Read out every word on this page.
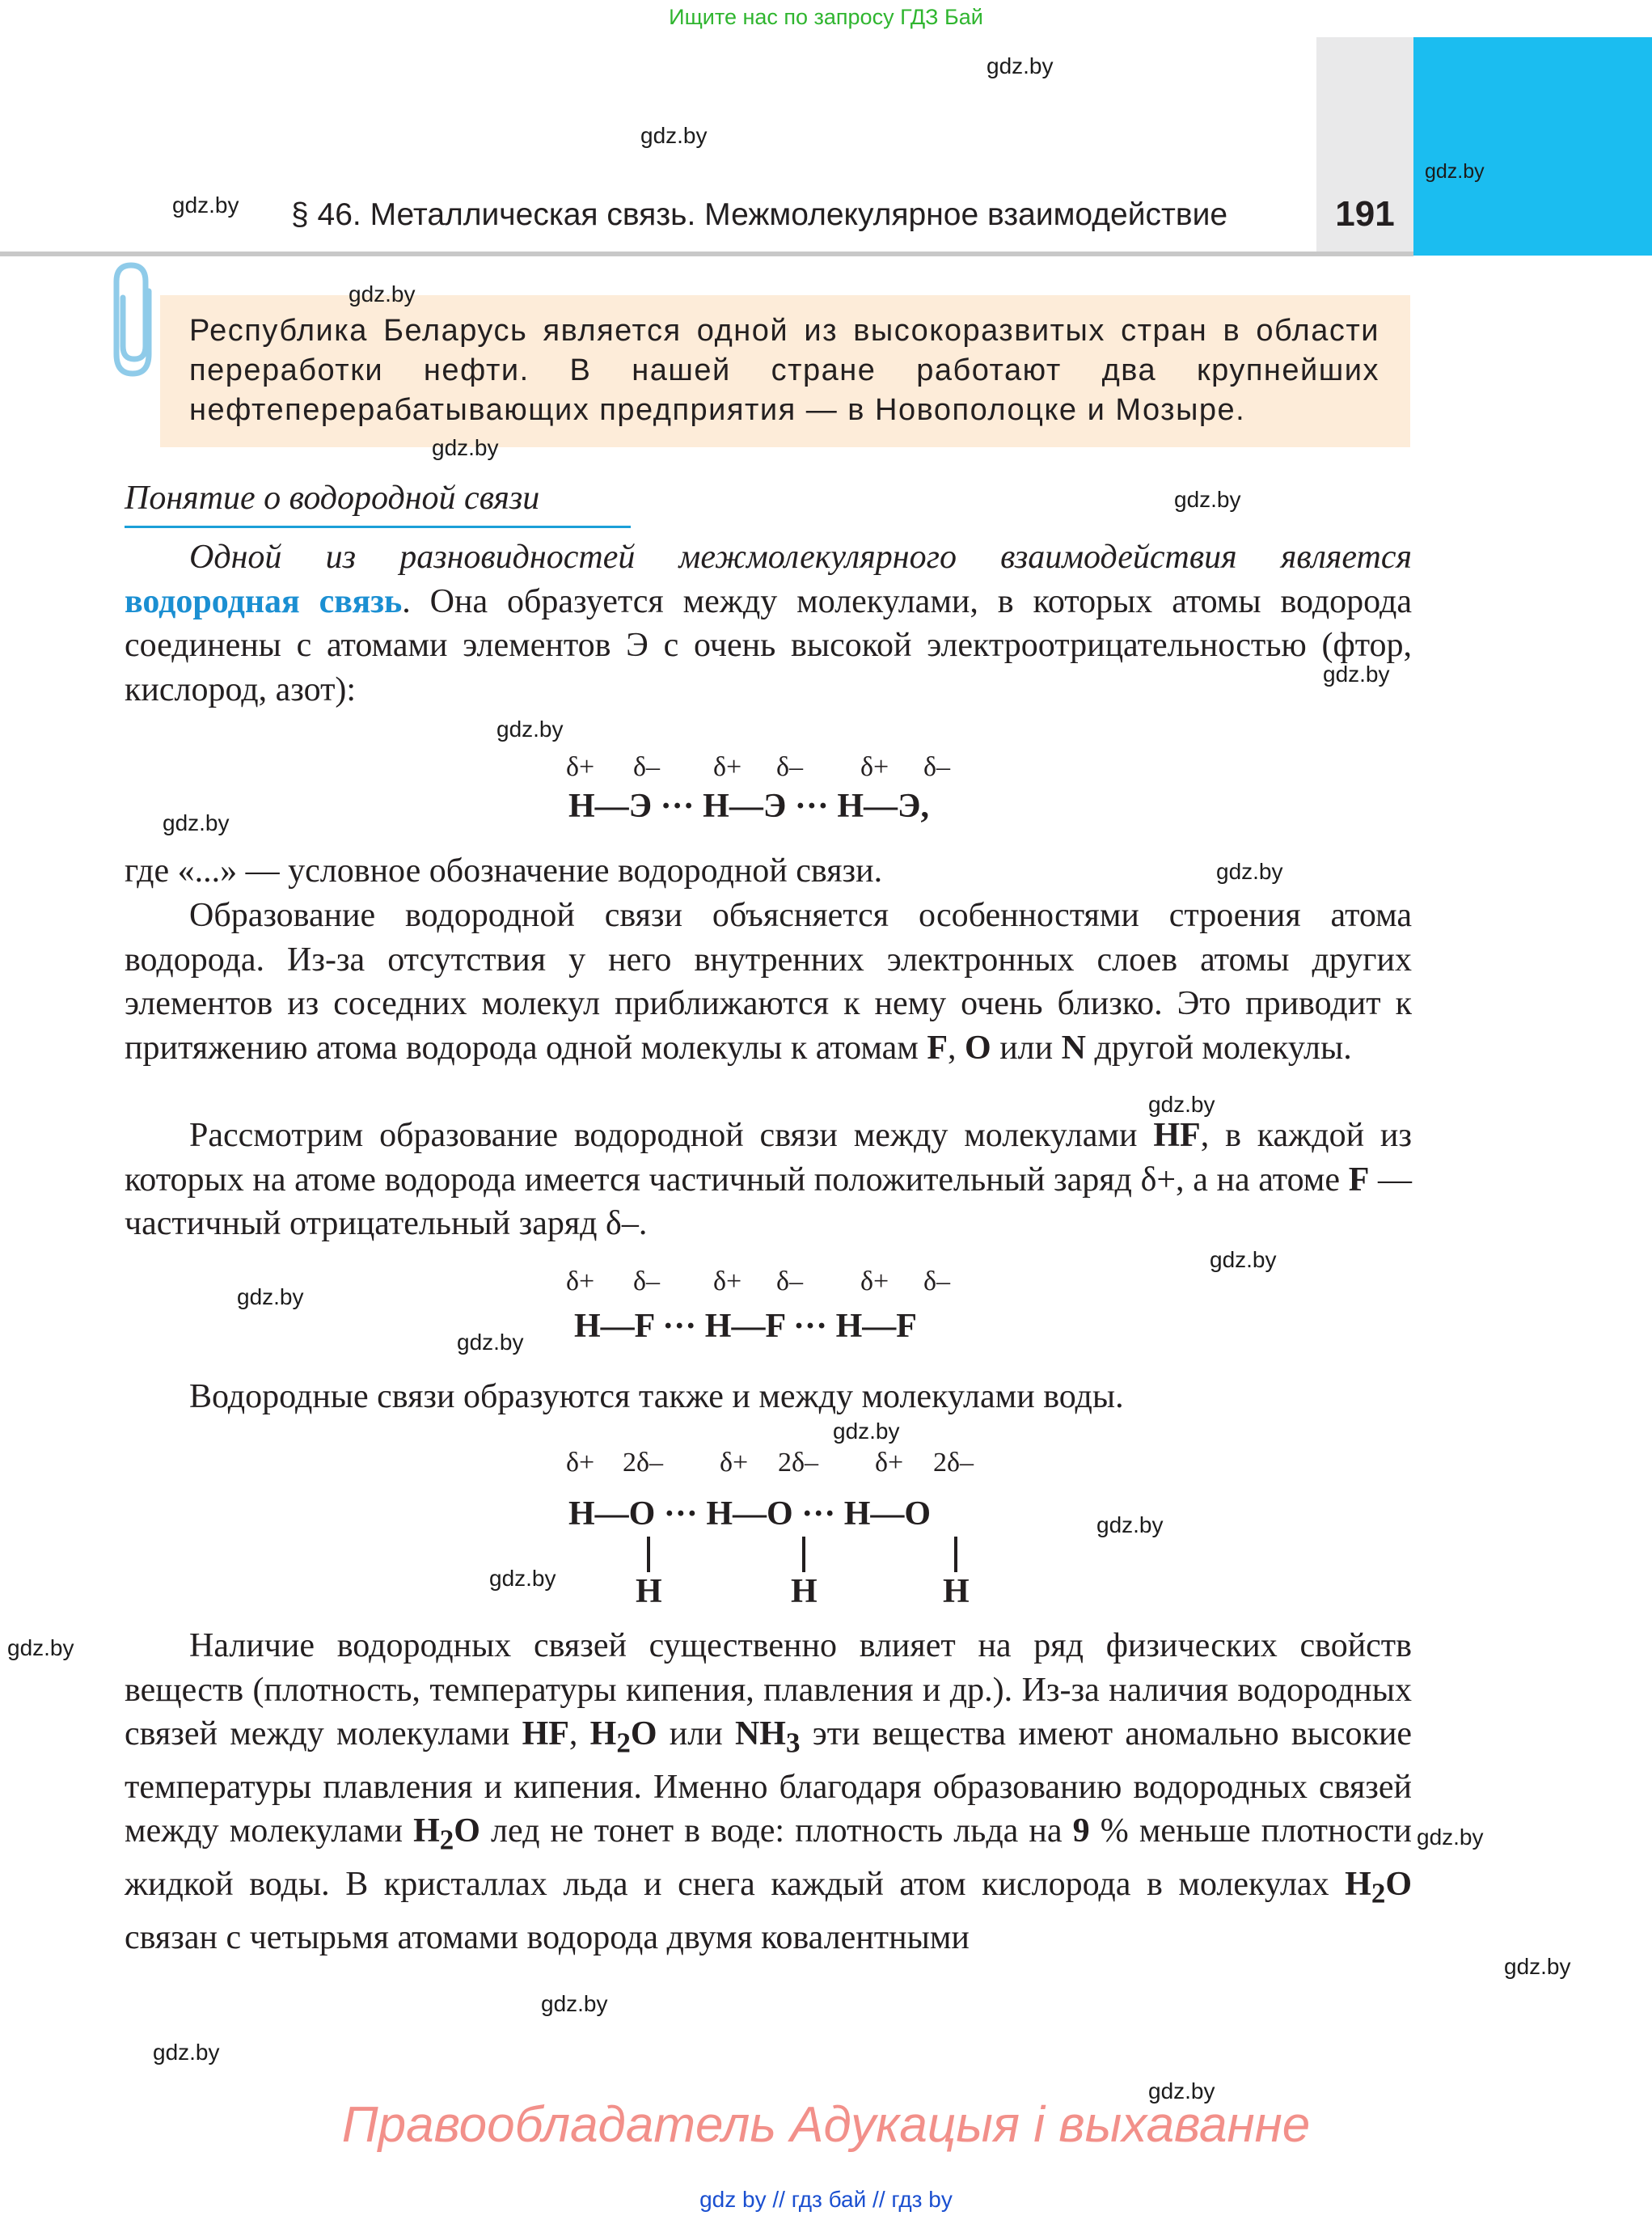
Ищите нас по запросу ГДЗ Бай
§ 46. Металлическая связь. Межмолекулярное взаимодействие	191
Республика Беларусь является одной из высокоразвитых стран в области переработки нефти. В нашей стране работают два крупнейших нефтеперерабатывающих предприятия — в Новополоцке и Мозыре.
Понятие о водородной связи

Одной из разновидностей межмолекулярного взаимодействия является водородная связь. Она образуется между молекулами, в которых атомы водорода соединены с атомами элементов Э с очень высокой электроотрицательностью (фтор, кислород, азот):

δ+ δ– δ+ δ– δ+ δ–
H—Э ··· H—Э ··· H—Э,

где «...» — условное обозначение водородной связи.

Образование водородной связи объясняется особенностями строения атома водорода. Из-за отсутствия у него внутренних электронных слоев атомы других элементов из соседних молекул приближаются к нему очень близко. Это приводит к притяжению атома водорода одной молекулы к атомам F, O или N другой молекулы.

Рассмотрим образование водородной связи между молекулами HF, в каждой из которых на атоме водорода имеется частичный положительный заряд δ+, а на атоме F — частичный отрицательный заряд δ–.

δ+ δ– δ+ δ– δ+ δ–
H—F ··· H—F ··· H—F

Водородные связи образуются также и между молекулами воды.

δ+ 2δ– δ+ 2δ– δ+ 2δ–
H—O ··· H—O ··· H—O
H	H	H

Наличие водородных связей существенно влияет на ряд физических свойств веществ (плотность, температуры кипения, плавления и др.). Из-за наличия водородных связей между молекулами HF, $H_2O$ или $NH_3$ эти вещества имеют аномально высокие температуры плавления и кипения. Именно благодаря образованию водородных связей между молекулами $H_2O$ лед не тонет в воде: плотность льда на 9 % меньше плотности жидкой воды. В кристаллах льда и снега каждый атом кислорода в молекулах $H_2O$ связан с четырьмя атомами водорода двумя ковалентными

Правообладатель Адукацыя і выхаванне
gdz by // гдз бай // гдз by
gdz.by
gdz.by
gdz.by
gdz.by
gdz.by
gdz.by
gdz.by
gdz.by
gdz.by
gdz.by
gdz.by
gdz.by
gdz.by
gdz.by
gdz.by
gdz.by
gdz.by
gdz.by
gdz.by
gdz.by
gdz.by
gdz.by
gdz.by
gdz.by
